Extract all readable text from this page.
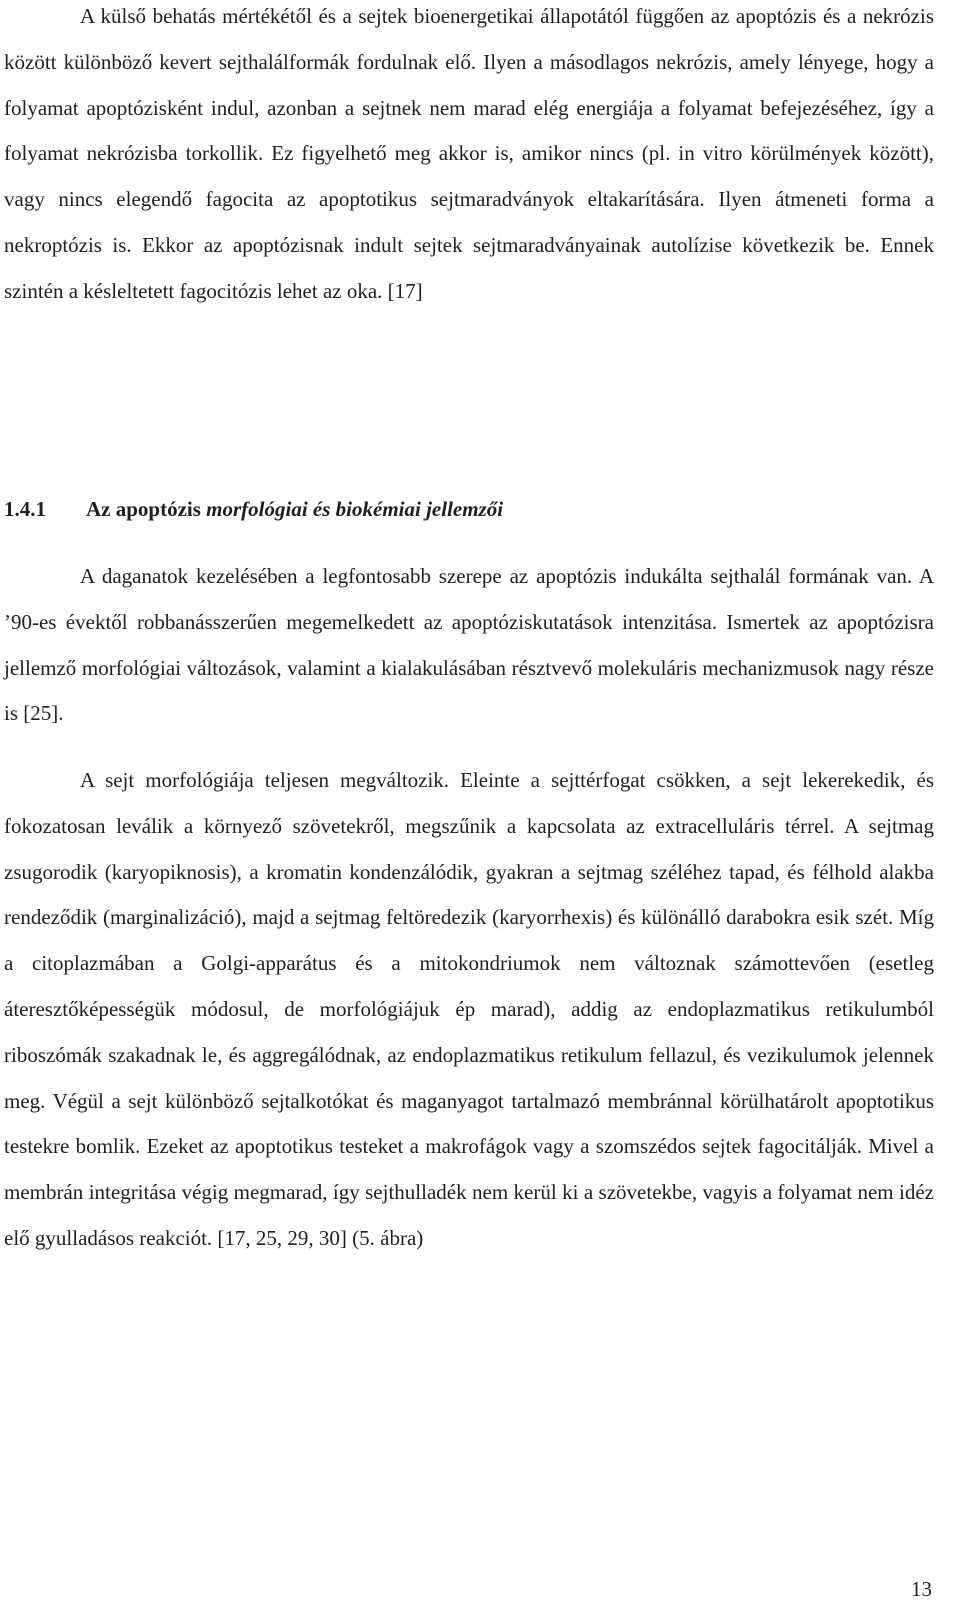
A külső behatás mértékétől és a sejtek bioenergetikai állapotától függően az apoptózis és a nekrózis között különböző kevert sejthalálformák fordulnak elő. Ilyen a másodlagos nekrózis, amely lényege, hogy a folyamat apoptózisként indul, azonban a sejtnek nem marad elég energiája a folyamat befejezéséhez, így a folyamat nekrózisba torkollik. Ez figyelhető meg akkor is, amikor nincs (pl. in vitro körülmények között), vagy nincs elegendő fagocita az apoptotikus sejtmaradványok eltakarítására. Ilyen átmeneti forma a nekroptózis is. Ekkor az apoptózisnak indult sejtek sejtmaradványainak autolízise következik be. Ennek szintén a késleltetett fagocitózis lehet az oka. [17]

1.4.1 Az apoptózis morfológiai és biokémiai jellemzői

A daganatok kezelésében a legfontosabb szerepe az apoptózis indukálta sejthalál formának van. A ’90-es évektől robbanásszerűen megemelkedett az apoptóziskutatások intenzitása. Ismertek az apoptózisra jellemző morfológiai változások, valamint a kialakulásában résztvevő molekuláris mechanizmusok nagy része is [25].

A sejt morfológiája teljesen megváltozik. Eleinte a sejttérfogat csökken, a sejt lekerekedik, és fokozatosan leválik a környező szövetekről, megszűnik a kapcsolata az extracelluláris térrel. A sejtmag zsugorodik (karyopiknosis), a kromatin kondenzálódik, gyakran a sejtmag széléhez tapad, és félhold alakba rendeződik (marginalizáció), majd a sejtmag feltöredezik (karyorrhexis) és különálló darabokra esik szét. Míg a citoplazmában a Golgi-apparátus és a mitokondriumok nem változnak számottevően (esetleg áteresztőképességük módosul, de morfológiájuk ép marad), addig az endoplazmatikus retikulumból riboszómák szakadnak le, és aggregálódnak, az endoplazmatikus retikulum fellazul, és vezikulumok jelennek meg. Végül a sejt különböző sejtalkotókat és maganyagot tartalmazó membránnal körülhatárolt apoptotikus testekre bomlik. Ezeket az apoptotikus testeket a makrofágok vagy a szomszédos sejtek fagocitálják. Mivel a membrán integritása végig megmarad, így sejthulladék nem kerül ki a szövetekbe, vagyis a folyamat nem idéz elő gyulladásos reakciót. [17, 25, 29, 30] (5. ábra)

13
